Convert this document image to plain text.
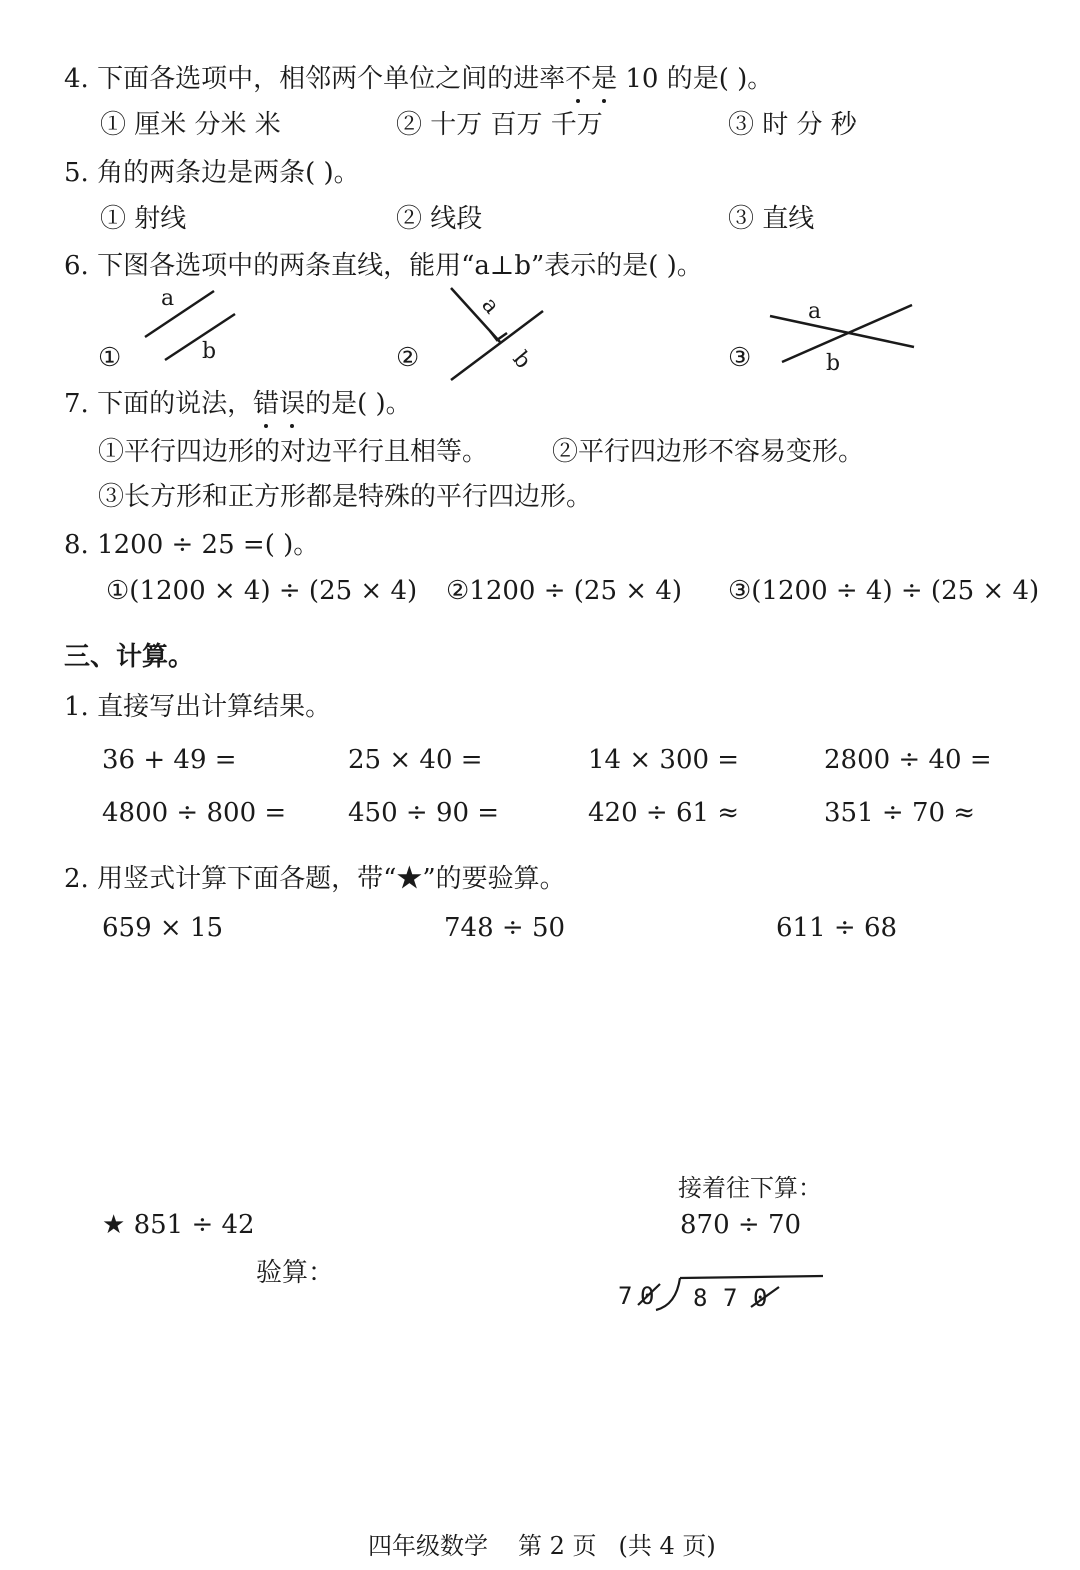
4. 下面各选项中，相邻两个单位之间的进率不是 10 的是( )。
① 厘米 分米 米	② 十万 百万 千万	③ 时 分 秒
5. 角的两条边是两条( )。
① 射线	② 线段	③ 直线
6. 下图各选项中的两条直线，能用“a⊥b”表示的是( )。
①	②	③
a
b
a
b
a
b
7. 下面的说法，错误的是( )。
①平行四边形的对边平行且相等。 ②平行四边形不容易变形。
③长方形和正方形都是特殊的平行四边形。
8. 1200 ÷ 25 =( )。
①(1200 × 4) ÷ (25 × 4) ②1200 ÷ (25 × 4) ③(1200 ÷ 4) ÷ (25 × 4)
三、计算。
1. 直接写出计算结果。
36 + 49 =	25 × 40 =	14 × 300 =	2800 ÷ 40 =
4800 ÷ 800 = 450 ÷ 90 =	420 ÷ 61 ≈	351 ÷ 70 ≈
2. 用竖式计算下面各题，带“★”的要验算。
659 × 15	748 ÷ 50	611 ÷ 68
★ 851 ÷ 42
验算：
接着往下算：
870 ÷ 70
7 0 8 7 0
四年级数学 第 2 页 (共 4 页)
